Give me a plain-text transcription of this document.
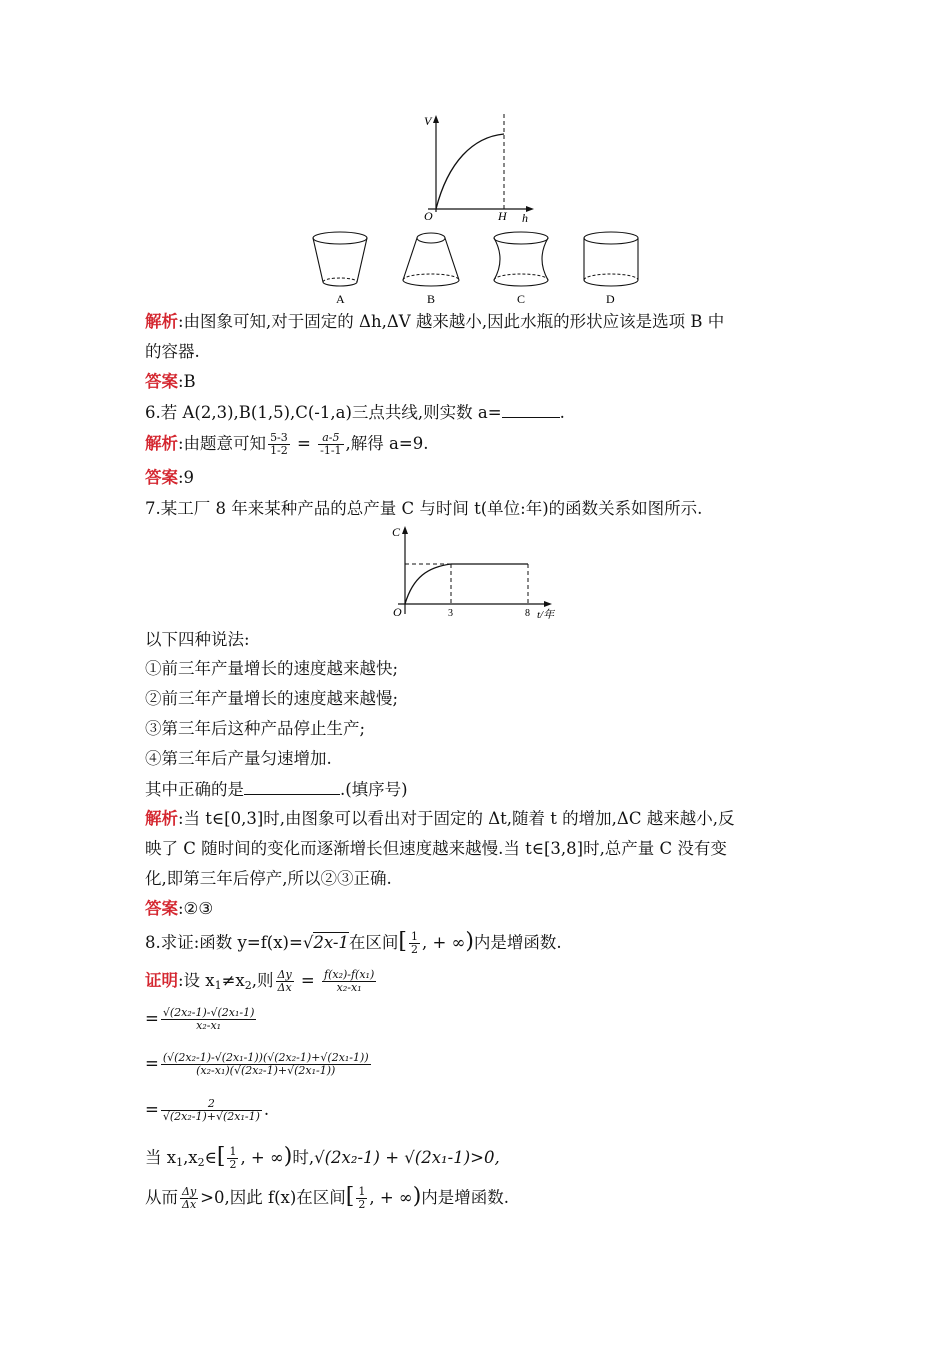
V
O	H h
A	B	C	D
解析:由图象可知,对于固定的 Δh,ΔV 越来越小,因此水瓶的形状应该是选项 B 中
的容器.
答案:B
6.若 A(2,3),B(1,5),C(-1,a)三点共线,则实数 a=	.
解析:由题意可知 $\frac{5-3}{1-2} = \frac{a-5}{-1-1}$ ,解得 a=9.
答案:9
7.某工厂 8 年来某种产品的总产量 C 与时间 t(单位:年)的函数关系如图所示.
C
O	3	8 t/年
以下四种说法:
①前三年产量增长的速度越来越快;
②前三年产量增长的速度越来越慢;
③第三年后这种产品停止生产;
④第三年后产量匀速增加.
其中正确的是	.(填序号)
解析:当 t∈[0,3]时,由图象可以看出对于固定的 Δt,随着 t 的增加,ΔC 越来越小,反
映了 C 随时间的变化而逐渐增长但速度越来越慢.当 t∈[3,8]时,总产量 C 没有变
化,即第三年后停产,所以②③正确.
答案:②③
8.求证:函数 y=f(x)=√2x-1在区间[ $\frac{1}{2}$ , + ∞)内是增函数.
证明:设 $x_1\ne x_2$,则 $\frac{\Delta y}{\Delta x} = \frac{\text{f(x₂)-f(x₁)}}{\text{x₂-x₁}}$
= $\frac{\text{√(2x₂-1)-√(2x₁-1)}}{\text{x₂-x₁}}$
= $\frac{\text{(√(2x₂-1)-√(2x₁-1))(√(2x₂-1)+√(2x₁-1))}}{\text{(x₂-x₁)(√(2x₂-1)+√(2x₁-1))}}$
= $\frac{2}{\text{√(2x₂-1)+√(2x₁-1)}}$ .
当 $x_1,x_2\in[ \frac{1}{2}$ , + ∞)时,√(2x₂-1) + √(2x₁-1)>0,
从而 $\frac{\Delta y}{\Delta x} >0$,因此 f(x)在区间[ $\frac{1}{2}$ , + ∞)内是增函数.
